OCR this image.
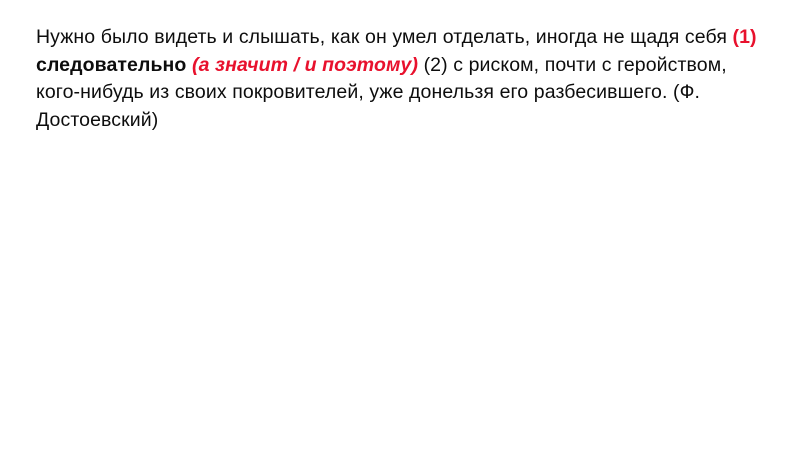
Нужно было видеть и слышать, как он умел отделать, иногда не щадя себя (1) следовательно (а значит / и поэтому) (2) с риском, почти с геройством, кого-нибудь из своих покровителей, уже донельзя его разбесившего. (Ф. Достоевский)
